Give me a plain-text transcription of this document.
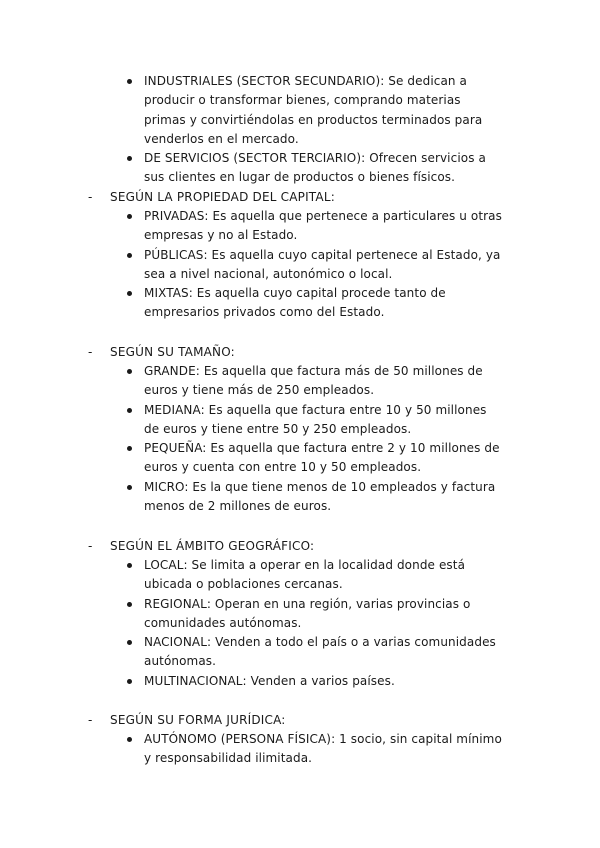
INDUSTRIALES (SECTOR SECUNDARIO): Se dedican a producir o transformar bienes, comprando materias primas y convirtiéndolas en productos terminados para venderlos en el mercado.
DE SERVICIOS (SECTOR TERCIARIO): Ofrecen servicios a sus clientes en lugar de productos o bienes físicos.
- SEGÚN LA PROPIEDAD DEL CAPITAL:
PRIVADAS: Es aquella que pertenece a particulares u otras empresas y no al Estado.
PÚBLICAS: Es aquella cuyo capital pertenece al Estado, ya sea a nivel nacional, autonómico o local.
MIXTAS: Es aquella cuyo capital procede tanto de empresarios privados como del Estado.
- SEGÚN SU TAMAÑO:
GRANDE: Es aquella que factura más de 50 millones de euros y tiene más de 250 empleados.
MEDIANA: Es aquella que factura entre 10 y 50 millones de euros y tiene entre 50 y 250 empleados.
PEQUEÑA: Es aquella que factura entre 2 y 10 millones de euros y cuenta con entre 10 y 50 empleados.
MICRO: Es la que tiene menos de 10 empleados y factura menos de 2 millones de euros.
- SEGÚN EL ÁMBITO GEOGRÁFICO:
LOCAL: Se limita a operar en la localidad donde está ubicada o poblaciones cercanas.
REGIONAL: Operan en una región, varias provincias o comunidades autónomas.
NACIONAL: Venden a todo el país o a varias comunidades autónomas.
MULTINACIONAL: Venden a varios países.
- SEGÚN SU FORMA JURÍDICA:
AUTÓNOMO (PERSONA FÍSICA): 1 socio, sin capital mínimo y responsabilidad ilimitada.
